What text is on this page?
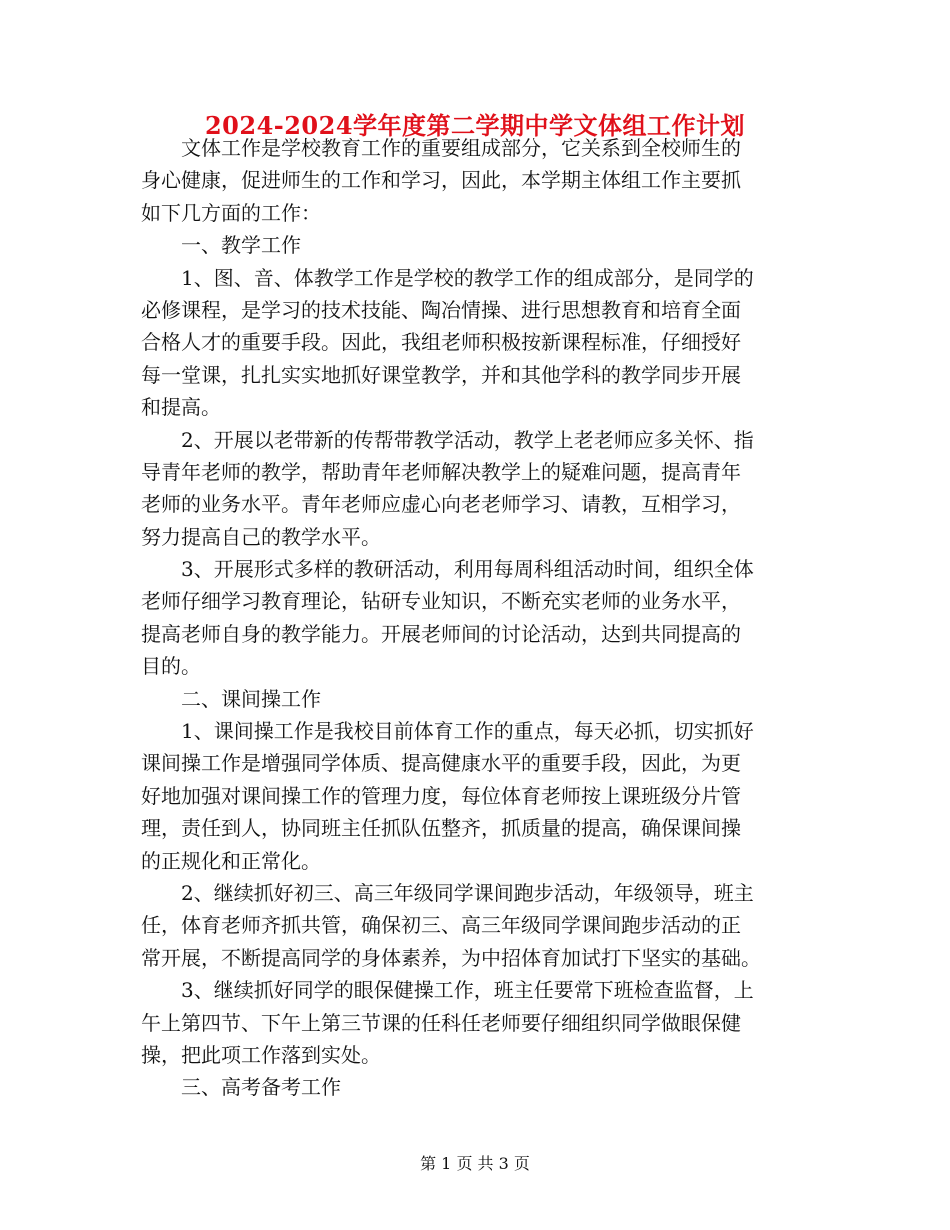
2024-2024学年度第二学期中学文体组工作计划
　　文体工作是学校教育工作的重要组成部分，它关系到全校师生的
身心健康，促进师生的工作和学习，因此，本学期主体组工作主要抓
如下几方面的工作：
　　一、教学工作
　　1、图、音、体教学工作是学校的教学工作的组成部分，是同学的
必修课程，是学习的技术技能、陶冶情操、进行思想教育和培育全面
合格人才的重要手段。因此，我组老师积极按新课程标准，仔细授好
每一堂课，扎扎实实地抓好课堂教学，并和其他学科的教学同步开展
和提高。
　　2、开展以老带新的传帮带教学活动，教学上老老师应多关怀、指
导青年老师的教学，帮助青年老师解决教学上的疑难问题，提高青年
老师的业务水平。青年老师应虚心向老老师学习、请教，互相学习，
努力提高自己的教学水平。
　　3、开展形式多样的教研活动，利用每周科组活动时间，组织全体
老师仔细学习教育理论，钻研专业知识，不断充实老师的业务水平，
提高老师自身的教学能力。开展老师间的讨论活动，达到共同提高的
目的。
　　二、课间操工作
　　1、课间操工作是我校目前体育工作的重点，每天必抓，切实抓好
课间操工作是增强同学体质、提高健康水平的重要手段，因此，为更
好地加强对课间操工作的管理力度，每位体育老师按上课班级分片管
理，责任到人，协同班主任抓队伍整齐，抓质量的提高，确保课间操
的正规化和正常化。
　　2、继续抓好初三、高三年级同学课间跑步活动，年级领导，班主
任，体育老师齐抓共管，确保初三、高三年级同学课间跑步活动的正
常开展，不断提高同学的身体素养，为中招体育加试打下坚实的基础。
　　3、继续抓好同学的眼保健操工作，班主任要常下班检查监督，上
午上第四节、下午上第三节课的任科任老师要仔细组织同学做眼保健
操，把此项工作落到实处。
　　三、高考备考工作
第 1 页 共 3 页
